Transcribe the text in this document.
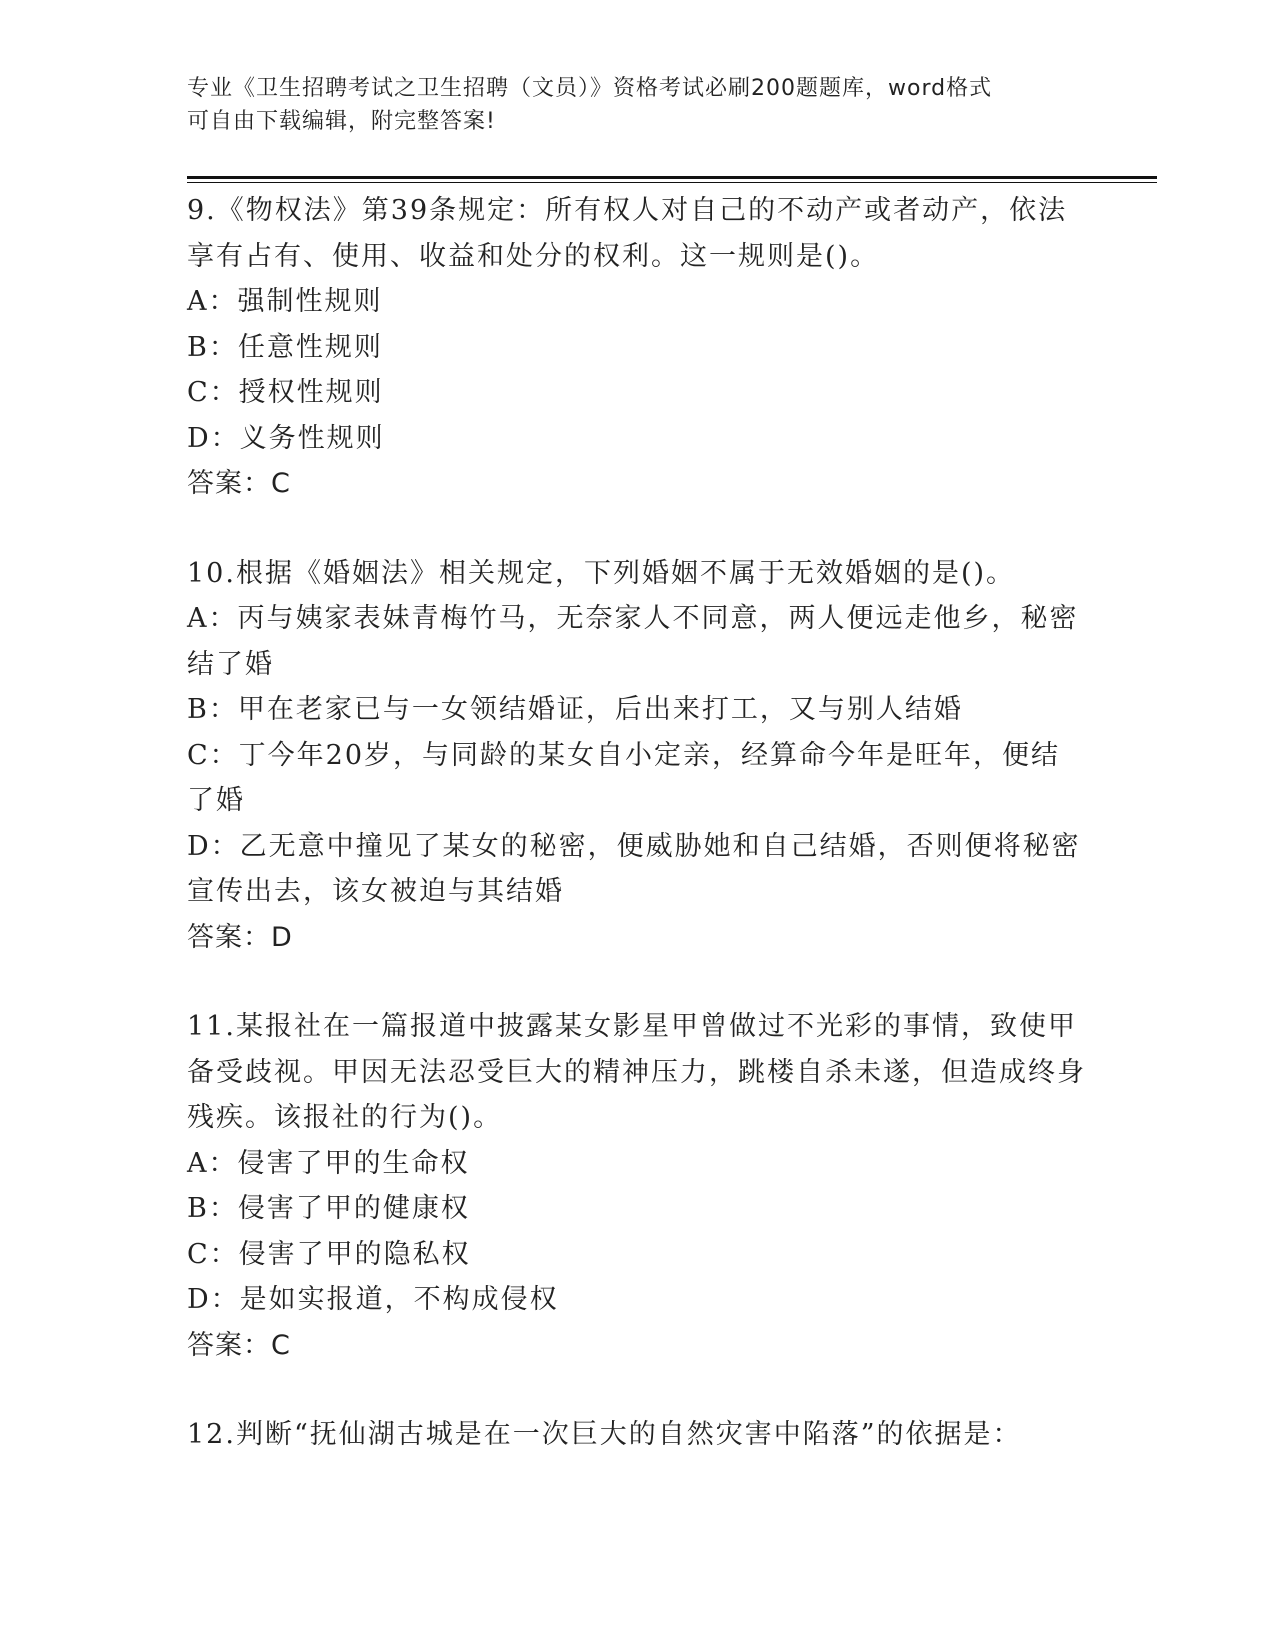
专业《卫生招聘考试之卫生招聘（文员）》资格考试必刷200题题库，word格式
可自由下载编辑，附完整答案!
9.《物权法》第39条规定：所有权人对自己的不动产或者动产，依法享有占有、使用、收益和处分的权利。这一规则是()。
A：强制性规则
B：任意性规则
C：授权性规则
D：义务性规则
答案：C
10.根据《婚姻法》相关规定，下列婚姻不属于无效婚姻的是()。
A：丙与姨家表妹青梅竹马，无奈家人不同意，两人便远走他乡，秘密结了婚
B：甲在老家已与一女领结婚证，后出来打工，又与别人结婚
C：丁今年20岁，与同龄的某女自小定亲，经算命今年是旺年，便结了婚
D：乙无意中撞见了某女的秘密，便威胁她和自己结婚，否则便将秘密宣传出去，该女被迫与其结婚
答案：D
11.某报社在一篇报道中披露某女影星甲曾做过不光彩的事情，致使甲备受歧视。甲因无法忍受巨大的精神压力，跳楼自杀未遂，但造成终身残疾。该报社的行为()。
A：侵害了甲的生命权
B：侵害了甲的健康权
C：侵害了甲的隐私权
D：是如实报道，不构成侵权
答案：C
12.判断“抚仙湖古城是在一次巨大的自然灾害中陷落”的依据是：
